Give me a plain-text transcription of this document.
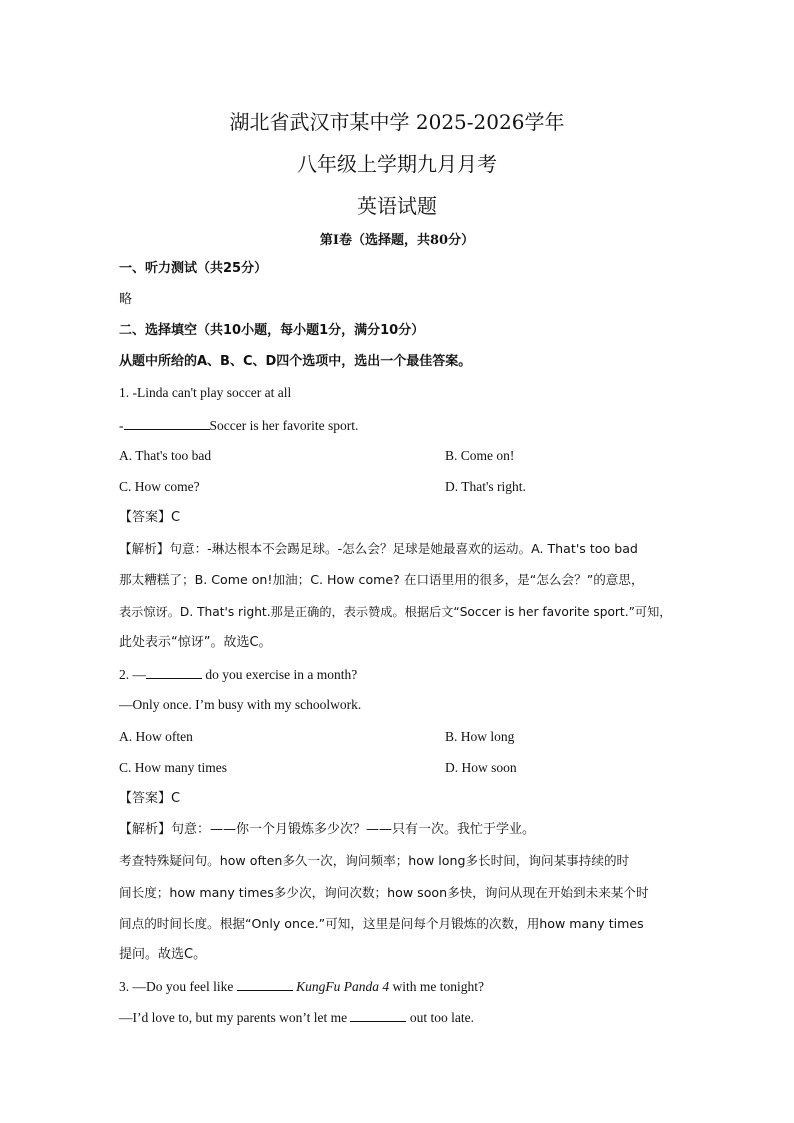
湖北省武汉市某中学 2025-2026学年
八年级上学期九月月考
英语试题
第Ⅰ卷（选择题，共80分）
一、听力测试（共25分）
略
二、选择填空（共10小题，每小题1分，满分10分）
从题中所给的A、B、C、D四个选项中，选出一个最佳答案。
1. -Linda can't play soccer at all
-	Soccer is her favorite sport.
A. That's too bad	B. Come on!
C. How come?	D. That's right.
【答案】C
【解析】句意：-琳达根本不会踢足球。-怎么会？足球是她最喜欢的运动。A. That's too bad
那太糟糕了；B. Come on!加油；C. How come? 在口语里用的很多，是“怎么会？”的意思，
表示惊讶。D. That's right.那是正确的，表示赞成。根据后文“Soccer is her favorite sport.”可知，
此处表示“惊讶”。故选C。
2. —	do you exercise in a month?
—Only once. I’m busy with my schoolwork.
A. How often	B. How long
C. How many times	D. How soon
【答案】C
【解析】句意：——你一个月锻炼多少次？——只有一次。我忙于学业。
考查特殊疑问句。how often多久一次，询问频率；how long多长时间，询问某事持续的时
间长度；how many times多少次，询问次数；how soon多快，询问从现在开始到未来某个时
间点的时间长度。根据“Only once.”可知，这里是问每个月锻炼的次数，用how many times
提问。故选C。
3. —Do you feel like	KungFu Panda 4 with me tonight?
—I’d love to, but my parents won’t let me	out too late.
